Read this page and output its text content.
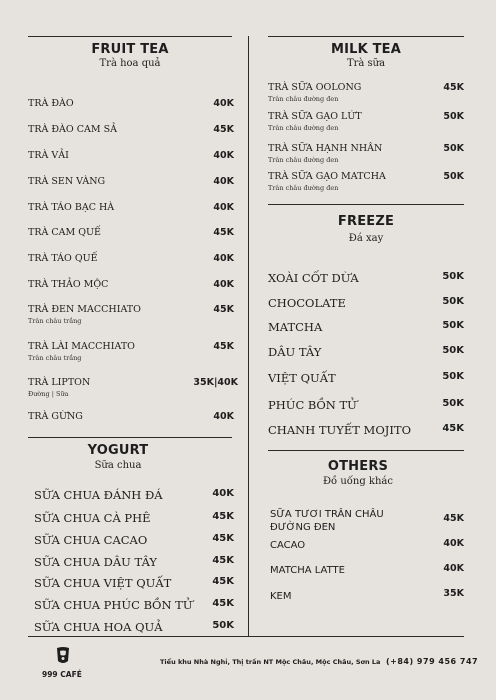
FRUIT TEA
Trà hoa quả
TRÀ ĐÀO	40K
TRÀ ĐÀO CAM SẢ	45K
TRÀ VẢI	40K
TRÀ SEN VÀNG	40K
TRÀ TÁO BẠC HÀ	40K
TRÀ CAM QUẾ	45K
TRÀ TÁO QUẾ	40K
TRÀ THẢO MỘC	40K
TRÀ ĐEN MACCHIATO	45K
Trân châu trắng
TRÀ LÀI MACCHIATO	45K
Trân châu trắng
TRÀ LIPTON	35K|40K
Đường | Sữa
TRÀ GỪNG	40K
MILK TEA
Trà sữa
TRÀ SỮA OOLONG	45K
Trân châu đường đen
TRÀ SỮA GẠO LỨT	50K
Trân châu đường đen
TRÀ SỮA HẠNH NHÂN	50K
Trân châu đường đen
TRÀ SỮA GẠO MATCHA	50K
Trân châu đường đen
FREEZE
Đá xay
XOÀI CỐT DỪA	50K
CHOCOLATE	50K
MATCHA	50K
DÂU TÂY	50K
VIỆT QUẤT	50K
PHÚC BỒN TỬ	50K
CHANH TUYẾT MOJITO	45K
YOGURT
Sữa chua
SỮA CHUA ĐÁNH ĐÁ	40K
SỮA CHUA CÀ PHÊ	45K
SỮA CHUA CACAO	45K
SỮA CHUA DÂU TÂY	45K
SỮA CHUA VIỆT QUẤT	45K
SỮA CHUA PHÚC BỒN TỬ 45K
SỮA CHUA HOA QUẢ	50K
OTHERS
Đồ uống khác
SỮA TƯƠI TRÂN CHÂU	45K
ĐƯỜNG ĐEN
CACAO	40K
MATCHA LATTE	40K
KEM	35K
999 CAFÉ
Tiểu khu Nhà Nghỉ, Thị trấn NT Mộc Châu, Mộc Châu, Sơn La (+84) 979 456 747
